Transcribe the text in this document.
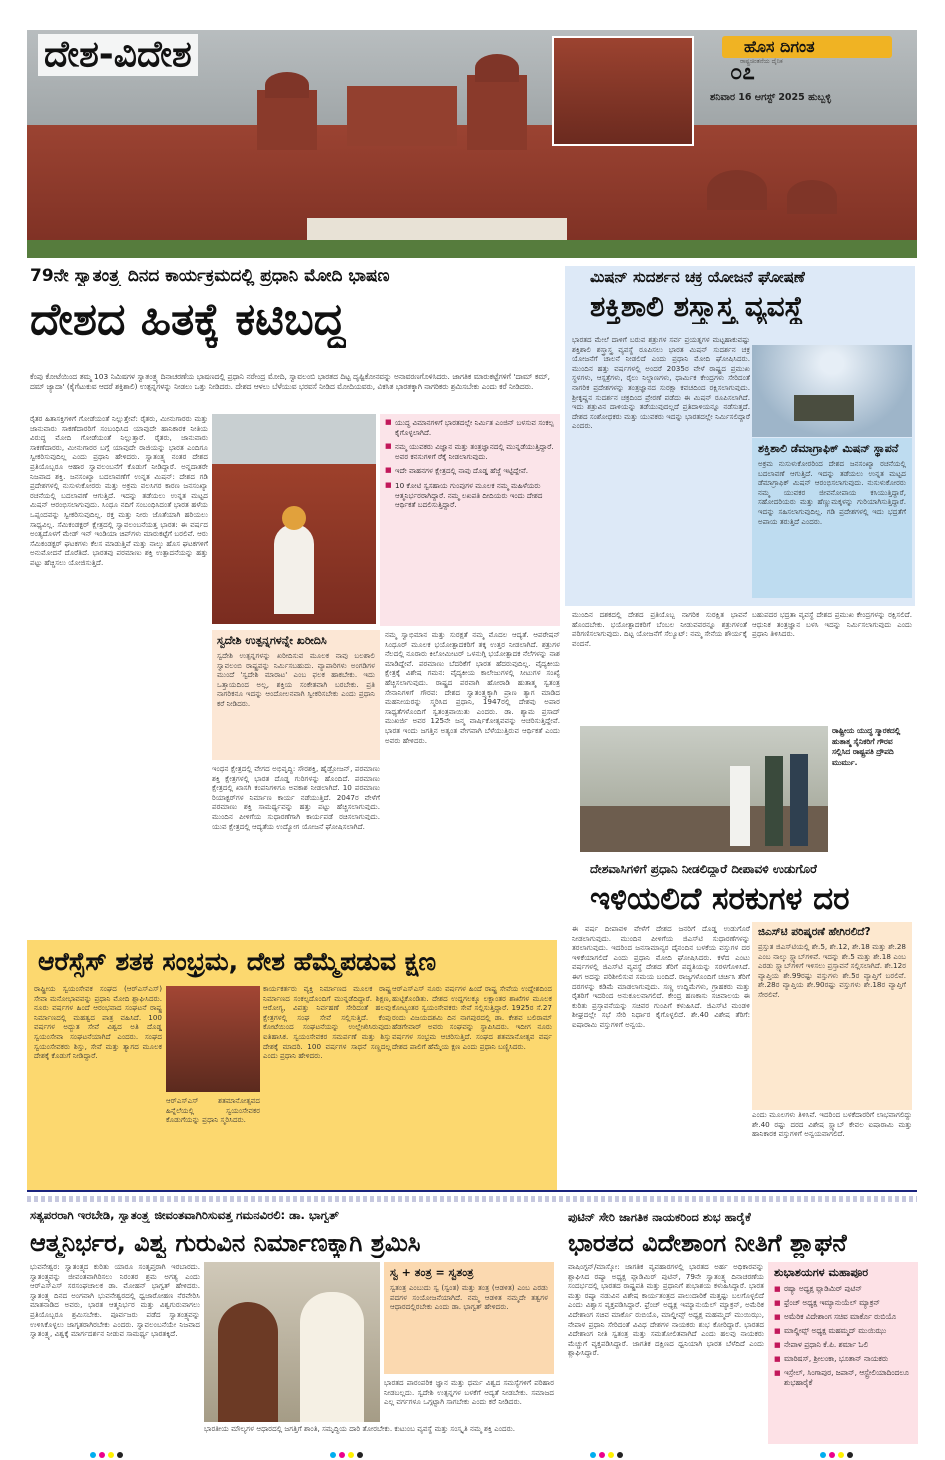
ದೇಶ-ವಿದೇಶ	ಹೊಸ ದಿಗಂತ
೦೭
ರಾಷ್ಟ್ರಚಿಂತನೆಯ ದೈನಿಕ
ಶನಿವಾರ 16 ಆಗಸ್ಟ್ 2025 ಹುಬ್ಬಳ್ಳಿ
79ನೇ ಸ್ವಾತಂತ್ರ್ಯ ದಿನದ ಕಾರ್ಯಕ್ರಮದಲ್ಲಿ ಪ್ರಧಾನಿ ಮೋದಿ ಭಾಷಣ
ದೇಶದ ಹಿತಕ್ಕೆ ಕಟಿಬದ್ಧ
ಕೆಂಪು ಕೋಟೆಯಿಂದ ತಮ್ಮ 103 ನಿಮಿಷಗಳ ಸ್ವಾತಂತ್ರ್ಯ ದಿನಾಚರಣೆಯ ಭಾಷಣದಲ್ಲಿ ಪ್ರಧಾನಿ ನರೇಂದ್ರ ಮೋದಿ, ಸ್ವಾವಲಂಬಿ ಭಾರತದ ದಿಟ್ಟ ದೃಷ್ಟಿಕೋನವನ್ನು ಅನಾವರಣಗೊಳಿಸಿದರು. ಜಾಗತಿಕ ಮಾರುಕಟ್ಟೆಗಳಿಗೆ 'ದಾಮ್ ಕಮ್, ದಮ್ ಜ್ಯಾದಾ' (ಕೈಗೆಟುಕುವ ಆದರೆ ಶಕ್ತಿಶಾಲಿ) ಉತ್ಪನ್ನಗಳನ್ನು ನೀಡಲು ಒತ್ತು ನೀಡಿದರು. ದೇಶದ ಆಳಲು ಬೆಳೆಯುವ ಭರವಸೆ ನೀಡಿದ ಮೋದಿಯವರು, ವಿಕಸಿತ ಭಾರತಕ್ಕಾಗಿ ನಾಗರಿಕರು ಶ್ರಮಿಸಬೇಕು ಎಂದು ಕರೆ ನೀಡಿದರು.
ರೈತರ ಹಿತಾಸಕ್ತಿಗಳಿಗೆ ಗೋಡೆಯಂತೆ ನಿಲ್ಲುತ್ತೇವೆ: ರೈತರು, ಮೀನುಗಾರರು ಮತ್ತು ಜಾನುವಾರು ಸಾಕಣೆದಾರರಿಗೆ ಸಂಬಂಧಿಸಿದ ಯಾವುದೇ ಹಾನಿಕಾರಕ ನೀತಿಯ ವಿರುದ್ಧ ಮೋದಿ ಗೋಡೆಯಂತೆ ನಿಲ್ಲುತ್ತಾರೆ. ರೈತರು, ಜಾನುವಾರು ಸಾಕಣೆದಾರರು, ಮೀನುಗಾರರ ಬಗ್ಗೆ ಯಾವುದೇ ರಾಜಿಯನ್ನು ಭಾರತ ಎಂದಿಗೂ ಸ್ವೀಕರಿಸುವುದಿಲ್ಲ ಎಂದು ಪ್ರಧಾನಿ ಹೇಳಿದರು. ಸ್ವಾತಂತ್ರ್ಯ ನಂತರ ದೇಶದ ಪ್ರತಿಯೊಬ್ಬರೂ ಆಹಾರ ಸ್ವಾವಲಂಬನೆಗೆ ಕೊಡುಗೆ ನೀಡಿದ್ದಾರೆ. ಅನ್ನದಾತರೇ ನಿಜವಾದ ಶಕ್ತಿ. ಜನಸಂಖ್ಯಾ ಬದಲಾವಣೆಗೆ ಉನ್ನತ ಮಿಷನ್: ದೇಶದ ಗಡಿ ಪ್ರದೇಶಗಳಲ್ಲಿ ನುಸುಳುಕೋರರು ಮತ್ತು ಅಕ್ರಮ ವಲಸಿಗರ ಕಾರಣ ಜನಸಂಖ್ಯಾ ರಚನೆಯಲ್ಲಿ ಬದಲಾವಣೆ ಆಗುತ್ತಿದೆ. ಇದನ್ನು ತಡೆಯಲು ಉನ್ನತ ಮಟ್ಟದ ಮಿಷನ್ ಆರಂಭಿಸಲಾಗುವುದು. ಸಿಂಧೂ ನದಿಗೆ ಸಂಬಂಧಿಸಿದಂತೆ ಭಾರತ ಹಳೆಯ ಒಪ್ಪಂದವನ್ನು ಸ್ವೀಕರಿಸುವುದಿಲ್ಲ. ರಕ್ತ ಮತ್ತು ನೀರು ಜೊತೆಯಾಗಿ ಹರಿಯಲು ಸಾಧ್ಯವಿಲ್ಲ. ಸೆಮಿಕಂಡಕ್ಟರ್ ಕ್ಷೇತ್ರದಲ್ಲಿ ಸ್ವಾವಲಂಬನೆಯತ್ತ ಭಾರತ: ಈ ವರ್ಷದ ಅಂತ್ಯದೊಳಗೆ ಮೇಡ್ ಇನ್ ಇಂಡಿಯಾ ಚಿಪ್‌ಗಳು ಮಾರುಕಟ್ಟೆಗೆ ಬರಲಿವೆ. ಆರು ಸೆಮಿಕಂಡಕ್ಟರ್ ಘಟಕಗಳು ಕೆಲಸ ಮಾಡುತ್ತಿವೆ ಮತ್ತು ನಾಲ್ಕು ಹೊಸ ಘಟಕಗಳಿಗೆ ಅನುಮೋದನೆ ದೊರೆತಿದೆ. ಭಾರತವು ಪರಮಾಣು ಶಕ್ತಿ ಉತ್ಪಾದನೆಯನ್ನು ಹತ್ತು ಪಟ್ಟು ಹೆಚ್ಚಿಸಲು ಯೋಜಿಸುತ್ತಿದೆ.
■ ಯುದ್ಧ ವಿಮಾನಗಳಿಗೆ ಭಾರತದಲ್ಲೇ ನಿರ್ಮಿತ ಎಂಜಿನ್ ಬಳಸುವ ಸಂಕಲ್ಪ ಕೈಗೊಳ್ಳಲಾಗಿದೆ.
■ ನಮ್ಮ ಯುವಕರು ವಿಜ್ಞಾನ ಮತ್ತು ತಂತ್ರಜ್ಞಾನದಲ್ಲಿ ಮುನ್ನಡೆಯುತ್ತಿದ್ದಾರೆ. ಅವರ ಕನಸುಗಳಿಗೆ ರೆಕ್ಕೆ ನೀಡಲಾಗುವುದು.
■ ಇದೇ ವಾಹನಗಳ ಕ್ಷೇತ್ರದಲ್ಲಿ ನಾವು ದೊಡ್ಡ ಹೆಜ್ಜೆ ಇಟ್ಟಿದ್ದೇವೆ.
■ 10 ಕೋಟಿ ಸ್ವಸಹಾಯ ಗುಂಪುಗಳ ಮೂಲಕ ನಮ್ಮ ಮಹಿಳೆಯರು ಆತ್ಮನಿರ್ಭರರಾಗಿದ್ದಾರೆ. ನಮ್ಮ ಲಖಪತಿ ದೀದಿಯರು ಇಂದು ದೇಶದ ಆರ್ಥಿಕತೆ ಬದಲಿಸುತ್ತಿದ್ದಾರೆ.
ಸ್ವದೇಶಿ ಉತ್ಪನ್ನಗಳನ್ನೇ ಖರೀದಿಸಿ
ಸ್ವದೇಶಿ ಉತ್ಪನ್ನಗಳನ್ನು ಖರೀದಿಸುವ ಮೂಲಕ ನಾವು ಬಲಶಾಲಿ ಸ್ವಾವಲಂಬಿ ರಾಷ್ಟ್ರವನ್ನು ನಿರ್ಮಿಸಬಹುದು. ವ್ಯಾಪಾರಿಗಳು ಅಂಗಡಿಗಳ ಮುಂದೆ 'ಸ್ವದೇಶಿ ಮಾರಾಟ' ಎಂಬ ಫಲಕ ಹಾಕಬೇಕು. ಇದು ಒತ್ತಾಯದಿಂದ ಅಲ್ಲ, ಶಕ್ತಿಯ ಸಂಕೇತವಾಗಿ ಬರಬೇಕು. ಪ್ರತಿ ನಾಗರಿಕನೂ ಇದನ್ನು ಆಂದೋಲನವಾಗಿ ಸ್ವೀಕರಿಸಬೇಕು ಎಂದು ಪ್ರಧಾನಿ ಕರೆ ನೀಡಿದರು.
ಇಂಧನ ಕ್ಷೇತ್ರದಲ್ಲಿ ವೇಗದ ಅಭಿವೃದ್ಧಿ: ಸೌರಶಕ್ತಿ, ಹೈಡ್ರೋಜನ್, ಪರಮಾಣು ಶಕ್ತಿ ಕ್ಷೇತ್ರಗಳಲ್ಲಿ ಭಾರತ ದೊಡ್ಡ ಗುರಿಗಳನ್ನು ಹೊಂದಿದೆ. ಪರಮಾಣು ಕ್ಷೇತ್ರದಲ್ಲಿ ಖಾಸಗಿ ಕಂಪನಿಗಳಿಗೂ ಅವಕಾಶ ನೀಡಲಾಗಿದೆ. 10 ಪರಮಾಣು ರಿಯಾಕ್ಟರ್‌ಗಳ ನಿರ್ಮಾಣ ಕಾರ್ಯ ನಡೆಯುತ್ತಿದೆ. 2047ರ ವೇಳೆಗೆ ಪರಮಾಣು ಶಕ್ತಿ ಸಾಮರ್ಥ್ಯವನ್ನು ಹತ್ತು ಪಟ್ಟು ಹೆಚ್ಚಿಸಲಾಗುವುದು. ಮುಂದಿನ ಪೀಳಿಗೆಯ ಸುಧಾರಣೆಗಾಗಿ ಕಾರ್ಯಪಡೆ ರಚಿಸಲಾಗುವುದು. ಯುವ ಕ್ಷೇತ್ರದಲ್ಲಿ ಆದ್ಯತೆಯ ಉದ್ಯೋಗ ಯೋಜನೆ ಘೋಷಿಸಲಾಗಿದೆ.
ನಮ್ಮ ಸ್ವಾಭಿಮಾನ ಮತ್ತು ಸುರಕ್ಷತೆ ನಮ್ಮ ಮೊದಲ ಆದ್ಯತೆ. ಆಪರೇಷನ್ ಸಿಂಧೂರ್ ಮೂಲಕ ಭಯೋತ್ಪಾದಕರಿಗೆ ತಕ್ಕ ಉತ್ತರ ನೀಡಲಾಗಿದೆ. ಶತ್ರುಗಳ ನೆಲದಲ್ಲಿ ನೂರಾರು ಕಿಲೋಮೀಟರ್ ಒಳನುಗ್ಗಿ ಭಯೋತ್ಪಾದಕ ನೆಲೆಗಳನ್ನು ನಾಶ ಮಾಡಿದ್ದೇವೆ. ಪರಮಾಣು ಬೆದರಿಕೆಗೆ ಭಾರತ ಹೆದರುವುದಿಲ್ಲ. ವೈದ್ಯಕೀಯ ಕ್ಷೇತ್ರಕ್ಕೆ ವಿಶೇಷ ಗಮನ: ವೈದ್ಯಕೀಯ ಕಾಲೇಜುಗಳಲ್ಲಿ ಸೀಟುಗಳ ಸಂಖ್ಯೆ ಹೆಚ್ಚಿಸಲಾಗುವುದು. ರಾಷ್ಟ್ರದ ಪರವಾಗಿ ಹೋರಾಡಿ ಹುತಾತ್ಮ ಸ್ವತಂತ್ರ ಸೇನಾನಿಗಳಿಗೆ ಗೌರವ: ದೇಶದ ಸ್ವಾತಂತ್ರ್ಯಕ್ಕಾಗಿ ಪ್ರಾಣ ತ್ಯಾಗ ಮಾಡಿದ ಮಹನೀಯರನ್ನು ಸ್ಮರಿಸಿದ ಪ್ರಧಾನಿ, 1947ರಲ್ಲಿ ದೇಶವು ಅಪಾರ ಸಾಧ್ಯತೆಗಳೊಂದಿಗೆ ಸ್ವತಂತ್ರವಾಯಿತು ಎಂದರು. ಡಾ. ಶ್ಯಾಮ ಪ್ರಸಾದ್ ಮುಖರ್ಜಿ ಅವರ 125ನೇ ಜನ್ಮ ವಾರ್ಷಿಕೋತ್ಸವವನ್ನು ಆಚರಿಸುತ್ತಿದ್ದೇವೆ. ಭಾರತ ಇಂದು ಜಗತ್ತಿನ ಅತ್ಯಂತ ವೇಗವಾಗಿ ಬೆಳೆಯುತ್ತಿರುವ ಆರ್ಥಿಕತೆ ಎಂದು ಅವರು ಹೇಳಿದರು.
ಮಿಷನ್ ಸುದರ್ಶನ ಚಕ್ರ ಯೋಜನೆ ಘೋಷಣೆ
ಶಕ್ತಿಶಾಲಿ ಶಸ್ತ್ರಾಸ್ತ್ರ ವ್ಯವಸ್ಥೆ
ಭಾರತದ ಮೇಲೆ ದಾಳಿಗೆ ಬರುವ ಶತ್ರುಗಳ ಸರ್ವ ಪ್ರಯತ್ನಗಳ ಮಟ್ಟಹಾಕುವಷ್ಟು ಶಕ್ತಿಶಾಲಿ ಶಸ್ತ್ರಾಸ್ತ್ರ ವ್ಯವಸ್ಥೆ ರೂಪಿಸಲು ಭಾರತ ಮಿಷನ್ ಸುದರ್ಶನ ಚಕ್ರ ಯೋಜನೆಗೆ ಚಾಲನೆ ನೀಡಲಿದೆ ಎಂದು ಪ್ರಧಾನಿ ಮೋದಿ ಘೋಷಿಸಿದರು. ಮುಂದಿನ ಹತ್ತು ವರ್ಷಗಳಲ್ಲಿ ಅಂದರೆ 2035ರ ವೇಳೆ ರಾಷ್ಟ್ರದ ಪ್ರಮುಖ ಸ್ಥಳಗಳು, ಆಸ್ಪತ್ರೆಗಳು, ರೈಲು ನಿಲ್ದಾಣಗಳು, ಧಾರ್ಮಿಕ ಕೇಂದ್ರಗಳು ಸೇರಿದಂತೆ ನಾಗರಿಕ ಪ್ರದೇಶಗಳನ್ನು ತಂತ್ರಜ್ಞಾನದ ಸುರಕ್ಷಾ ಕವಚದಿಂದ ರಕ್ಷಿಸಲಾಗುವುದು. ಶ್ರೀಕೃಷ್ಣನ ಸುದರ್ಶನ ಚಕ್ರದಿಂದ ಪ್ರೇರಣೆ ಪಡೆದು ಈ ಮಿಷನ್ ರೂಪಿಸಲಾಗಿದೆ. ಇದು ಶತ್ರುವಿನ ದಾಳಿಯನ್ನು ತಡೆಯುವುದಲ್ಲದೆ ಪ್ರತಿದಾಳಿಯನ್ನೂ ನಡೆಸುತ್ತದೆ. ದೇಶದ ಸಂಶೋಧಕರು ಮತ್ತು ಯುವಕರು ಇದನ್ನು ಭಾರತದಲ್ಲೇ ನಿರ್ಮಿಸಲಿದ್ದಾರೆ ಎಂದರು.
ಶಕ್ತಿಶಾಲಿ ಡೆಮಾಗ್ರಾಫಿಕ್ ಮಿಷನ್ ಸ್ಥಾಪನೆ
ಅಕ್ರಮ ನುಸುಳುಕೋರರಿಂದ ದೇಶದ ಜನಸಂಖ್ಯಾ ರಚನೆಯಲ್ಲಿ ಬದಲಾವಣೆ ಆಗುತ್ತಿದೆ. ಇದನ್ನು ತಡೆಯಲು ಉನ್ನತ ಮಟ್ಟದ ಡೆಮಾಗ್ರಾಫಿಕ್ ಮಿಷನ್ ಆರಂಭಿಸಲಾಗುವುದು. ನುಸುಳುಕೋರರು ನಮ್ಮ ಯುವಕರ ಜೀವನೋಪಾಯ ಕಸಿಯುತ್ತಿದ್ದಾರೆ, ಸಹೋದರಿಯರು ಮತ್ತು ಹೆಣ್ಣುಮಕ್ಕಳನ್ನು ಗುರಿಯಾಗಿಸುತ್ತಿದ್ದಾರೆ. ಇದನ್ನು ಸಹಿಸಲಾಗುವುದಿಲ್ಲ. ಗಡಿ ಪ್ರದೇಶಗಳಲ್ಲಿ ಇದು ಭದ್ರತೆಗೆ ಅಪಾಯ ತರುತ್ತಿದೆ ಎಂದರು.
ಮುಂದಿನ ದಶಕದಲ್ಲಿ ದೇಶದ ಪ್ರತಿಯೊಬ್ಬ ನಾಗರಿಕ ಸುರಕ್ಷಿತ ಭಾವನೆ ಹೊಂದಬೇಕು. ಭಯೋತ್ಪಾದಕರಿಗೆ ಬೆಂಬಲ ನೀಡುವವರನ್ನೂ ಶತ್ರುಗಳಂತೆ ಪರಿಗಣಿಸಲಾಗುವುದು. ದಿಟ್ಟ ಯೋಜನೆಗೆ ಸೆಲ್ಯೂಟ್: ನಮ್ಮ ಸೇನೆಯ ಶೌರ್ಯಕ್ಕೆ ವಂದನೆ.
ಬಹುಪದರ ಭದ್ರತಾ ವ್ಯವಸ್ಥೆ ದೇಶದ ಪ್ರಮುಖ ಕೇಂದ್ರಗಳನ್ನು ರಕ್ಷಿಸಲಿದೆ. ಆಧುನಿಕ ತಂತ್ರಜ್ಞಾನ ಬಳಸಿ ಇದನ್ನು ನಿರ್ಮಿಸಲಾಗುವುದು ಎಂದು ಪ್ರಧಾನಿ ತಿಳಿಸಿದರು.
ರಾಷ್ಟ್ರೀಯ ಯುದ್ಧ ಸ್ಮಾರಕದಲ್ಲಿ ಹುತಾತ್ಮ ಸೈನಿಕರಿಗೆ ಗೌರವ ಸಲ್ಲಿಸಿದ ರಾಷ್ಟ್ರಪತಿ ದ್ರೌಪದಿ ಮುರ್ಮು.
ದೇಶವಾಸಿಗಳಿಗೆ ಪ್ರಧಾನಿ ನೀಡಲಿದ್ದಾರೆ ದೀಪಾವಳಿ ಉಡುಗೊರೆ
ಇಳಿಯಲಿದೆ ಸರಕುಗಳ ದರ
ಈ ವರ್ಷ ದೀಪಾವಳಿ ವೇಳೆಗೆ ದೇಶದ ಜನರಿಗೆ ದೊಡ್ಡ ಉಡುಗೊರೆ ನೀಡಲಾಗುವುದು. ಮುಂದಿನ ಪೀಳಿಗೆಯ ಜಿಎಸ್‌ಟಿ ಸುಧಾರಣೆಗಳನ್ನು ತರಲಾಗುವುದು. ಇದರಿಂದ ಜನಸಾಮಾನ್ಯರ ದೈನಂದಿನ ಬಳಕೆಯ ವಸ್ತುಗಳ ದರ ಇಳಿಕೆಯಾಗಲಿದೆ ಎಂದು ಪ್ರಧಾನಿ ಮೋದಿ ಘೋಷಿಸಿದರು. ಕಳೆದ ಎಂಟು ವರ್ಷಗಳಲ್ಲಿ ಜಿಎಸ್‌ಟಿ ವ್ಯವಸ್ಥೆ ದೇಶದ ತೆರಿಗೆ ಪದ್ಧತಿಯನ್ನು ಸರಳಗೊಳಿಸಿದೆ. ಈಗ ಅದನ್ನು ಪರಿಶೀಲಿಸುವ ಸಮಯ ಬಂದಿದೆ. ರಾಜ್ಯಗಳೊಂದಿಗೆ ಚರ್ಚಿಸಿ ತೆರಿಗೆ ದರಗಳನ್ನು ಕಡಿಮೆ ಮಾಡಲಾಗುವುದು. ಸಣ್ಣ ಉದ್ದಿಮೆಗಳು, ಗ್ರಾಹಕರು ಮತ್ತು ರೈತರಿಗೆ ಇದರಿಂದ ಅನುಕೂಲವಾಗಲಿದೆ. ಕೇಂದ್ರ ಹಣಕಾಸು ಸಚಿವಾಲಯ ಈ ಕುರಿತು ಪ್ರಸ್ತಾವನೆಯನ್ನು ಸಚಿವರ ಗುಂಪಿಗೆ ಕಳುಹಿಸಿದೆ. ಜಿಎಸ್‌ಟಿ ಮಂಡಳಿ ಶೀಘ್ರದಲ್ಲೇ ಸಭೆ ಸೇರಿ ನಿರ್ಧಾರ ಕೈಗೊಳ್ಳಲಿದೆ. ಶೇ.40 ವಿಶೇಷ ತೆರಿಗೆ: ಐಷಾರಾಮಿ ವಸ್ತುಗಳಿಗೆ ಅನ್ವಯ.
ಜಿಎಸ್‌ಟಿ ಪರಿಷ್ಕರಣೆ ಹೇಗಿರಲಿದೆ?
ಪ್ರಸ್ತುತ ಜಿಎಸ್‌ಟಿಯಲ್ಲಿ ಶೇ.5, ಶೇ.12, ಶೇ.18 ಮತ್ತು ಶೇ.28 ಎಂಬ ನಾಲ್ಕು ಸ್ಲ್ಯಾಬ್‌ಗಳಿವೆ. ಇದನ್ನು ಶೇ.5 ಮತ್ತು ಶೇ.18 ಎಂಬ ಎರಡು ಸ್ಲ್ಯಾಬ್‌ಗಳಿಗೆ ಇಳಿಸಲು ಪ್ರಸ್ತಾವನೆ ಸಲ್ಲಿಸಲಾಗಿದೆ. ಶೇ.12ರ ವ್ಯಾಪ್ತಿಯ ಶೇ.99ರಷ್ಟು ವಸ್ತುಗಳು ಶೇ.5ರ ವ್ಯಾಪ್ತಿಗೆ ಬರಲಿವೆ. ಶೇ.28ರ ವ್ಯಾಪ್ತಿಯ ಶೇ.90ರಷ್ಟು ವಸ್ತುಗಳು ಶೇ.18ರ ವ್ಯಾಪ್ತಿಗೆ ಸೇರಲಿವೆ.
ಎಂದು ಮೂಲಗಳು ತಿಳಿಸಿವೆ. ಇದರಿಂದ ಬಳಕೆದಾರರಿಗೆ ಲಾಭವಾಗಲಿದ್ದು ಶೇ.40 ರಷ್ಟು ದರದ ವಿಶೇಷ ಸ್ಲ್ಯಾಬ್ ಕೇವಲ ಐಷಾರಾಮಿ ಮತ್ತು ಹಾನಿಕಾರಕ ವಸ್ತುಗಳಿಗೆ ಅನ್ವಯವಾಗಲಿದೆ.
ಆರೆಸ್ಸೆಸ್ ಶತಕ ಸಂಭ್ರಮ, ದೇಶ ಹೆಮ್ಮೆಪಡುವ ಕ್ಷಣ
ರಾಷ್ಟ್ರೀಯ ಸ್ವಯಂಸೇವಕ ಸಂಘದ (ಆರ್‌ಎಸ್‌ಎಸ್) ಸೇವಾ ಮನೋಭಾವವನ್ನು ಪ್ರಧಾನಿ ಮೋದಿ ಶ್ಲಾಘಿಸಿದರು. ನೂರು ವರ್ಷಗಳ ಹಿಂದೆ ಆರಂಭವಾದ ಸಂಘಟನೆ ರಾಷ್ಟ್ರ ನಿರ್ಮಾಣದಲ್ಲಿ ಮಹತ್ವದ ಪಾತ್ರ ವಹಿಸಿದೆ. 100 ವರ್ಷಗಳ ಅದ್ಭುತ ಸೇವೆ ವಿಶ್ವದ ಅತಿ ದೊಡ್ಡ ಸ್ವಯಂಸೇವಾ ಸಂಘಟನೆಯಾಗಿದೆ ಎಂದರು. ಸಂಘದ ಸ್ವಯಂಸೇವಕರು ಶಿಸ್ತು, ಸೇವೆ ಮತ್ತು ತ್ಯಾಗದ ಮೂಲಕ ದೇಶಕ್ಕೆ ಕೊಡುಗೆ ನೀಡಿದ್ದಾರೆ.
ಆರ್‌ಎಸ್‌ಎಸ್ ಶತಮಾನೋತ್ಸವದ ಹಿನ್ನೆಲೆಯಲ್ಲಿ ಸ್ವಯಂಸೇವಕರ ಕೊಡುಗೆಯನ್ನು ಪ್ರಧಾನಿ ಸ್ಮರಿಸಿದರು.
ಕಾರ್ಯಕರ್ತರು ವ್ಯಕ್ತಿ ನಿರ್ಮಾಣದ ಮೂಲಕ ರಾಷ್ಟ್ರ ನಿರ್ಮಾಣದ ಸಂಕಲ್ಪದೊಂದಿಗೆ ಮುನ್ನಡೆದಿದ್ದಾರೆ. ಶಿಕ್ಷಣ, ಆರೋಗ್ಯ, ವಿಪತ್ತು ನಿರ್ವಹಣೆ ಸೇರಿದಂತೆ ಹಲವು ಕ್ಷೇತ್ರಗಳಲ್ಲಿ ಸಂಘ ಸೇವೆ ಸಲ್ಲಿಸುತ್ತಿದೆ. ಕೆಂಪು ಕೋಟೆಯಿಂದ ಸಂಘಟನೆಯನ್ನು ಉಲ್ಲೇಖಿಸಿರುವುದು ಐತಿಹಾಸಿಕ. ಸ್ವಯಂಸೇವಕರ ಸಮರ್ಪಣೆ ಮತ್ತು ಶಿಸ್ತು ದೇಶಕ್ಕೆ ಮಾದರಿ. 100 ವರ್ಷಗಳ ಸಾಧನೆ ಸಣ್ಣದಲ್ಲ ಎಂದು ಪ್ರಧಾನಿ ಹೇಳಿದರು.
ಆರ್‌ಎಸ್‌ಎಸ್ ನೂರು ವರ್ಷಗಳ ಹಿಂದೆ ರಾಷ್ಟ್ರ ಸೇವೆಯ ಉದ್ದೇಶದಿಂದ ಹುಟ್ಟಿಕೊಂಡಿತು. ದೇಶದ ಉದ್ದಗಲಕ್ಕೂ ಲಕ್ಷಾಂತರ ಶಾಖೆಗಳ ಮೂಲಕ ಕೋಟ್ಯಂತರ ಸ್ವಯಂಸೇವಕರು ಸೇವೆ ಸಲ್ಲಿಸುತ್ತಿದ್ದಾರೆ. 1925ರ ಸೆ.27 ರಂದು ವಿಜಯದಶಮಿ ದಿನ ನಾಗಪುರದಲ್ಲಿ ಡಾ. ಕೇಶವ ಬಲಿರಾಮ್ ಹೆಡಗೇವಾರ್ ಅವರು ಸಂಘವನ್ನು ಸ್ಥಾಪಿಸಿದರು. ಇದೀಗ ನೂರು ವರ್ಷಗಳ ಸಂಭ್ರಮ ಆಚರಿಸುತ್ತಿದೆ. ಸಂಘದ ಶತಮಾನೋತ್ಸವ ವರ್ಷ ದೇಶದ ಪಾಲಿಗೆ ಹೆಮ್ಮೆಯ ಕ್ಷಣ ಎಂದು ಪ್ರಧಾನಿ ಬಣ್ಣಿಸಿದರು.
ಸತ್ಯಪರರಾಗಿ ಇರಬೇಡಿ, ಸ್ವಾತಂತ್ರ್ಯ ಜೀವಂತವಾಗಿರಿಸುವತ್ತ ಗಮನವಿರಲಿ: ಡಾ. ಭಾಗ್ವತ್
ಆತ್ಮನಿರ್ಭರ, ವಿಶ್ವ ಗುರುವಿನ ನಿರ್ಮಾಣಕ್ಕಾಗಿ ಶ್ರಮಿಸಿ
ಭುವನೇಶ್ವರ: ಸ್ವಾತಂತ್ರ್ಯದ ಕುರಿತು ಯಾರೂ ಸಂತೃಪ್ತರಾಗಿ ಇರಬಾರದು. ಸ್ವಾತಂತ್ರ್ಯವನ್ನು ಜೀವಂತವಾಗಿರಿಸಲು ನಿರಂತರ ಶ್ರಮ ಅಗತ್ಯ ಎಂದು ಆರ್‌ಎಸ್‌ಎಸ್ ಸರಸಂಘಚಾಲಕ ಡಾ. ಮೋಹನ್ ಭಾಗ್ವತ್ ಹೇಳಿದರು. ಸ್ವಾತಂತ್ರ್ಯ ದಿನದ ಅಂಗವಾಗಿ ಭುವನೇಶ್ವರದಲ್ಲಿ ಧ್ವಜಾರೋಹಣ ನೆರವೇರಿಸಿ ಮಾತನಾಡಿದ ಅವರು, ಭಾರತ ಆತ್ಮನಿರ್ಭರ ಮತ್ತು ವಿಶ್ವಗುರುವಾಗಲು ಪ್ರತಿಯೊಬ್ಬರೂ ಶ್ರಮಿಸಬೇಕು. ಪೂರ್ವಜರು ಪಡೆದ ಸ್ವಾತಂತ್ರ್ಯವನ್ನು ಉಳಿಸಿಕೊಳ್ಳಲು ಜಾಗೃತರಾಗಿರಬೇಕು ಎಂದರು. ಸ್ವಾವಲಂಬನೆಯೇ ನಿಜವಾದ ಸ್ವಾತಂತ್ರ್ಯ, ವಿಶ್ವಕ್ಕೆ ಮಾರ್ಗದರ್ಶನ ನೀಡುವ ಸಾಮರ್ಥ್ಯ ಭಾರತಕ್ಕಿದೆ.
ಸ್ವ + ತಂತ್ರ = ಸ್ವತಂತ್ರ
ಸ್ವತಂತ್ರ ಎಂಬುದು ಸ್ವ (ಸ್ವಂತ) ಮತ್ತು ತಂತ್ರ (ಆಡಳಿತ) ಎಂಬ ಎರಡು ಪದಗಳ ಸಂಯೋಜನೆಯಾಗಿದೆ. ನಮ್ಮ ಆಡಳಿತ ನಮ್ಮದೇ ತತ್ವಗಳ ಆಧಾರದಲ್ಲಿರಬೇಕು ಎಂದು ಡಾ. ಭಾಗ್ವತ್ ಹೇಳಿದರು.
ಭಾರತದ ಪಾರಂಪರಿಕ ಜ್ಞಾನ ಮತ್ತು ಧರ್ಮ ವಿಶ್ವದ ಸಮಸ್ಯೆಗಳಿಗೆ ಪರಿಹಾರ ನೀಡಬಲ್ಲದು. ಸ್ವದೇಶಿ ಉತ್ಪನ್ನಗಳ ಬಳಕೆಗೆ ಆದ್ಯತೆ ನೀಡಬೇಕು. ಸಮಾಜದ ಎಲ್ಲ ವರ್ಗಗಳೂ ಒಗ್ಗಟ್ಟಾಗಿ ಸಾಗಬೇಕು ಎಂದು ಕರೆ ನೀಡಿದರು.
ಭಾರತೀಯ ಮೌಲ್ಯಗಳ ಆಧಾರದಲ್ಲಿ ಜಗತ್ತಿಗೆ ಶಾಂತಿ, ಸಮೃದ್ಧಿಯ ದಾರಿ ತೋರಬೇಕು. ಕುಟುಂಬ ವ್ಯವಸ್ಥೆ ಮತ್ತು ಸಂಸ್ಕೃತಿ ನಮ್ಮ ಶಕ್ತಿ ಎಂದರು.
ಪುಟಿನ್ ಸೇರಿ ಜಾಗತಿಕ ನಾಯಕರಿಂದ ಶುಭ ಹಾರೈಕೆ
ಭಾರತದ ವಿದೇಶಾಂಗ ನೀತಿಗೆ ಶ್ಲಾಘನೆ
ವಾಷಿಂಗ್ಟನ್/ಮಾಸ್ಕೋ: ಜಾಗತಿಕ ವ್ಯವಹಾರಗಳಲ್ಲಿ ಭಾರತದ ಅರ್ಹ ಅಧಿಕಾರವನ್ನು ಶ್ಲಾಘಿಸಿದ ರಷ್ಯಾ ಅಧ್ಯಕ್ಷ ವ್ಲಾಡಿಮಿರ್ ಪುಟಿನ್, 79ನೇ ಸ್ವಾತಂತ್ರ್ಯ ದಿನಾಚರಣೆಯ ಸಂದರ್ಭದಲ್ಲಿ ಭಾರತದ ರಾಷ್ಟ್ರಪತಿ ಮತ್ತು ಪ್ರಧಾನಿಗೆ ಶುಭಾಶಯ ಕಳುಹಿಸಿದ್ದಾರೆ. ಭಾರತ ಮತ್ತು ರಷ್ಯಾ ನಡುವಿನ ವಿಶೇಷ ಕಾರ್ಯತಂತ್ರದ ಪಾಲುದಾರಿಕೆ ಮತ್ತಷ್ಟು ಬಲಗೊಳ್ಳಲಿದೆ ಎಂದು ವಿಶ್ವಾಸ ವ್ಯಕ್ತಪಡಿಸಿದ್ದಾರೆ. ಫ್ರೆಂಚ್ ಅಧ್ಯಕ್ಷ ಇಮ್ಯಾನುಯೆಲ್ ಮ್ಯಾಕ್ರನ್, ಅಮೆರಿಕ ವಿದೇಶಾಂಗ ಸಚಿವ ಮಾರ್ಕೊ ರುಬಿಯೊ, ಮಾಲ್ಡೀವ್ಸ್ ಅಧ್ಯಕ್ಷ ಮಹಮ್ಮದ್ ಮುಯಿಝು, ನೇಪಾಳ ಪ್ರಧಾನಿ ಸೇರಿದಂತೆ ವಿವಿಧ ದೇಶಗಳ ನಾಯಕರು ಶುಭ ಕೋರಿದ್ದಾರೆ. ಭಾರತದ ವಿದೇಶಾಂಗ ನೀತಿ ಸ್ವತಂತ್ರ ಮತ್ತು ಸಮತೋಲಿತವಾಗಿದೆ ಎಂದು ಹಲವು ನಾಯಕರು ಮೆಚ್ಚುಗೆ ವ್ಯಕ್ತಪಡಿಸಿದ್ದಾರೆ. ಜಾಗತಿಕ ದಕ್ಷಿಣದ ಧ್ವನಿಯಾಗಿ ಭಾರತ ಬೆಳೆದಿದೆ ಎಂದು ಶ್ಲಾಘಿಸಿದ್ದಾರೆ.
ಶುಭಾಶಯಗಳ ಮಹಾಪೂರ
■ ರಷ್ಯಾ ಅಧ್ಯಕ್ಷ ವ್ಲಾಡಿಮಿರ್ ಪುಟಿನ್
■ ಫ್ರೆಂಚ್ ಅಧ್ಯಕ್ಷ ಇಮ್ಯಾನುಯೆಲ್ ಮ್ಯಾಕ್ರನ್
■ ಅಮೆರಿಕ ವಿದೇಶಾಂಗ ಸಚಿವ ಮಾರ್ಕೊ ರುಬಿಯೊ
■ ಮಾಲ್ಡೀವ್ಸ್ ಅಧ್ಯಕ್ಷ ಮಹಮ್ಮದ್ ಮುಯಿಝು
■ ನೇಪಾಳ ಪ್ರಧಾನಿ ಕೆ.ಪಿ. ಶರ್ಮಾ ಓಲಿ
■ ಮಾರಿಷಸ್, ಶ್ರೀಲಂಕಾ, ಭೂತಾನ್ ನಾಯಕರು
■ ಇಸ್ರೇಲ್, ಸಿಂಗಾಪುರ, ಜಪಾನ್, ಆಸ್ಟ್ರೇಲಿಯಾದಿಂದಲೂ ಶುಭಹಾರೈಕೆ
